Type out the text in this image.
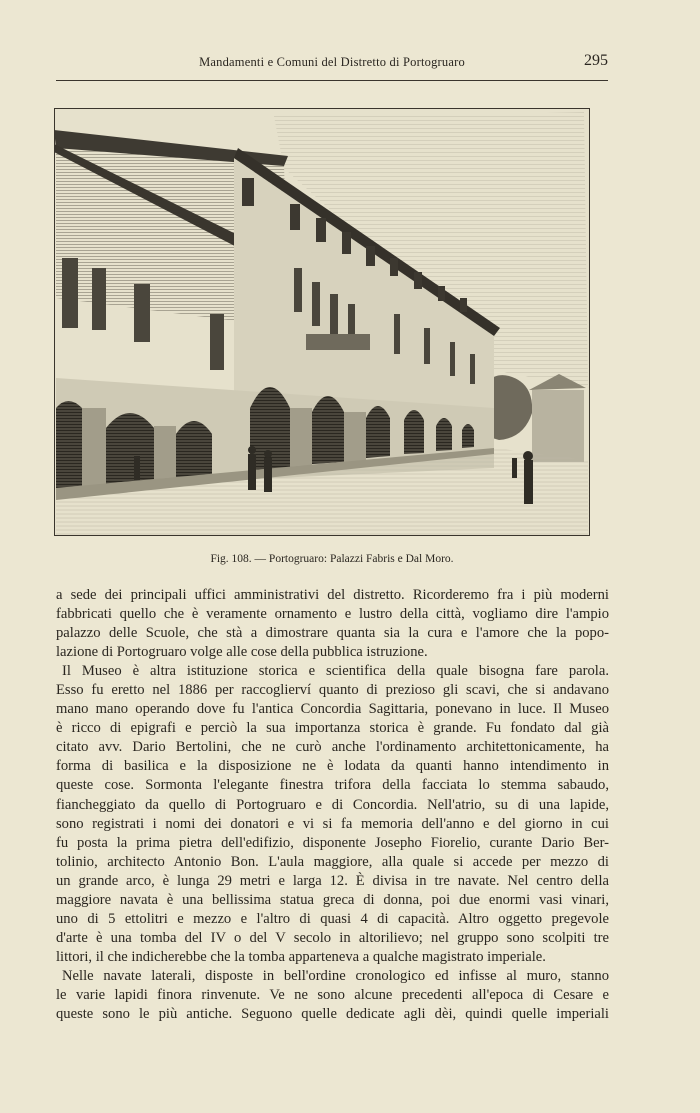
Mandamenti e Comuni del Distretto di Portogruaro	295
Fig. 108. — Portogruaro: Palazzi Fabris e Dal Moro.
a sede dei principali uffici amministrativi del distretto. Ricorderemo fra i più moderni
fabbricati quello che è veramente ornamento e lustro della città, vogliamo dire l'ampio
palazzo delle Scuole, che stà a dimostrare quanta sia la cura e l'amore che la popo-
lazione di Portogruaro volge alle cose della pubblica istruzione.
Il Museo è altra istituzione storica e scientifica della quale bisogna fare parola.
Esso fu eretto nel 1886 per raccoglierví quanto di prezioso gli scavi, che si andavano
mano mano operando dove fu l'antica Concordia Sagittaria, ponevano in luce. Il Museo
è ricco di epigrafi e perciò la sua importanza storica è grande. Fu fondato dal già
citato avv. Dario Bertolini, che ne curò anche l'ordinamento architettonicamente, ha
forma di basilica e la disposizione ne è lodata da quanti hanno intendimento in
queste cose. Sormonta l'elegante finestra trifora della facciata lo stemma sabaudo,
fiancheggiato da quello di Portogruaro e di Concordia. Nell'atrio, su di una lapide,
sono registrati i nomi dei donatori e vi si fa memoria dell'anno e del giorno in cui
fu posta la prima pietra dell'edifizio, disponente Josepho Fiorelio, curante Dario Ber-
tolinio, architecto Antonio Bon. L'aula maggiore, alla quale si accede per mezzo di
un grande arco, è lunga 29 metri e larga 12. È divisa in tre navate. Nel centro della
maggiore navata è una bellissima statua greca di donna, poi due enormi vasi vinari,
uno di 5 ettolitri e mezzo e l'altro di quasi 4 di capacità. Altro oggetto pregevole
d'arte è una tomba del IV o del V secolo in altorilievo; nel gruppo sono scolpiti tre
littori, il che indicherebbe che la tomba apparteneva a qualche magistrato imperiale.
Nelle navate laterali, disposte in bell'ordine cronologico ed infisse al muro, stanno
le varie lapidi finora rinvenute. Ve ne sono alcune precedenti all'epoca di Cesare e
queste sono le più antiche. Seguono quelle dedicate agli dèi, quindi quelle imperiali
